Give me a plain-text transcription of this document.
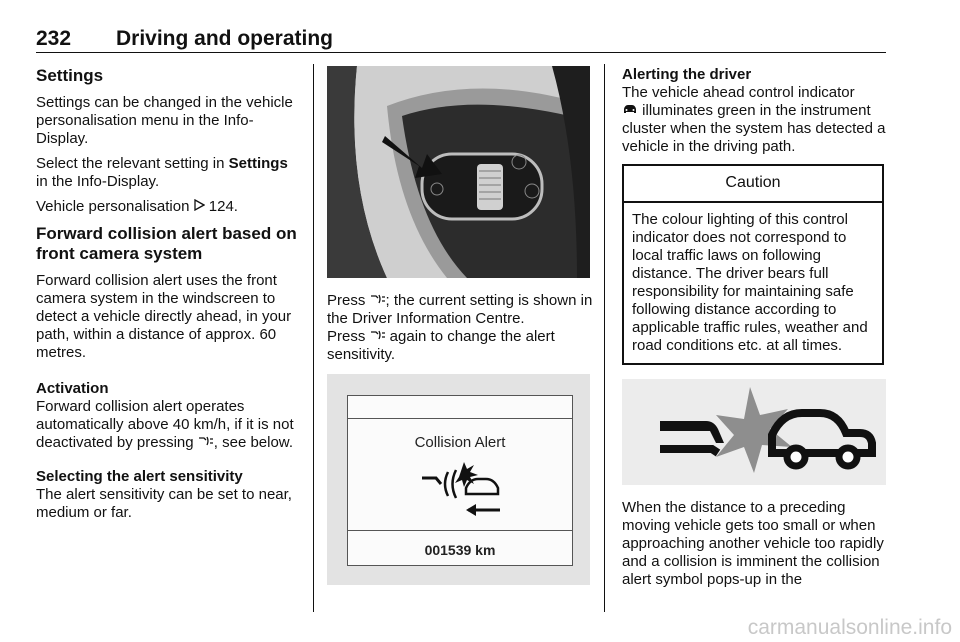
232 Driving and operating
Settings

Settings can be changed in the vehicle personalisation menu in the Info-Display.

Select the relevant setting in Settings in the Info-Display.

Vehicle personalisation  124.

Forward collision alert based on front camera system

Forward collision alert uses the front camera system in the windscreen to detect a vehicle directly ahead, in your path, within a distance of approx. 60 metres.

Activation

Forward collision alert operates automatically above 40 km/h, if it is not deactivated by pressing , see below.

Selecting the alert sensitivity

The alert sensitivity can be set to near, medium or far.

Press ; the current setting is shown in the Driver Information Centre.

Press  again to change the alert sensitivity.

Collision Alert
001539 km
Alerting the driver

The vehicle ahead control indicator
illuminates green in the instrument cluster when the system has detected a vehicle in the driving path.

Caution
The colour lighting of this control indicator does not correspond to local traffic laws on following distance. The driver bears full responsibility for maintaining safe following distance according to applicable traffic rules, weather and road conditions etc. at all times.

When the distance to a preceding moving vehicle gets too small or when approaching another vehicle too rapidly and a collision is imminent the collision alert symbol pops-up in the

carmanualsonline.info
